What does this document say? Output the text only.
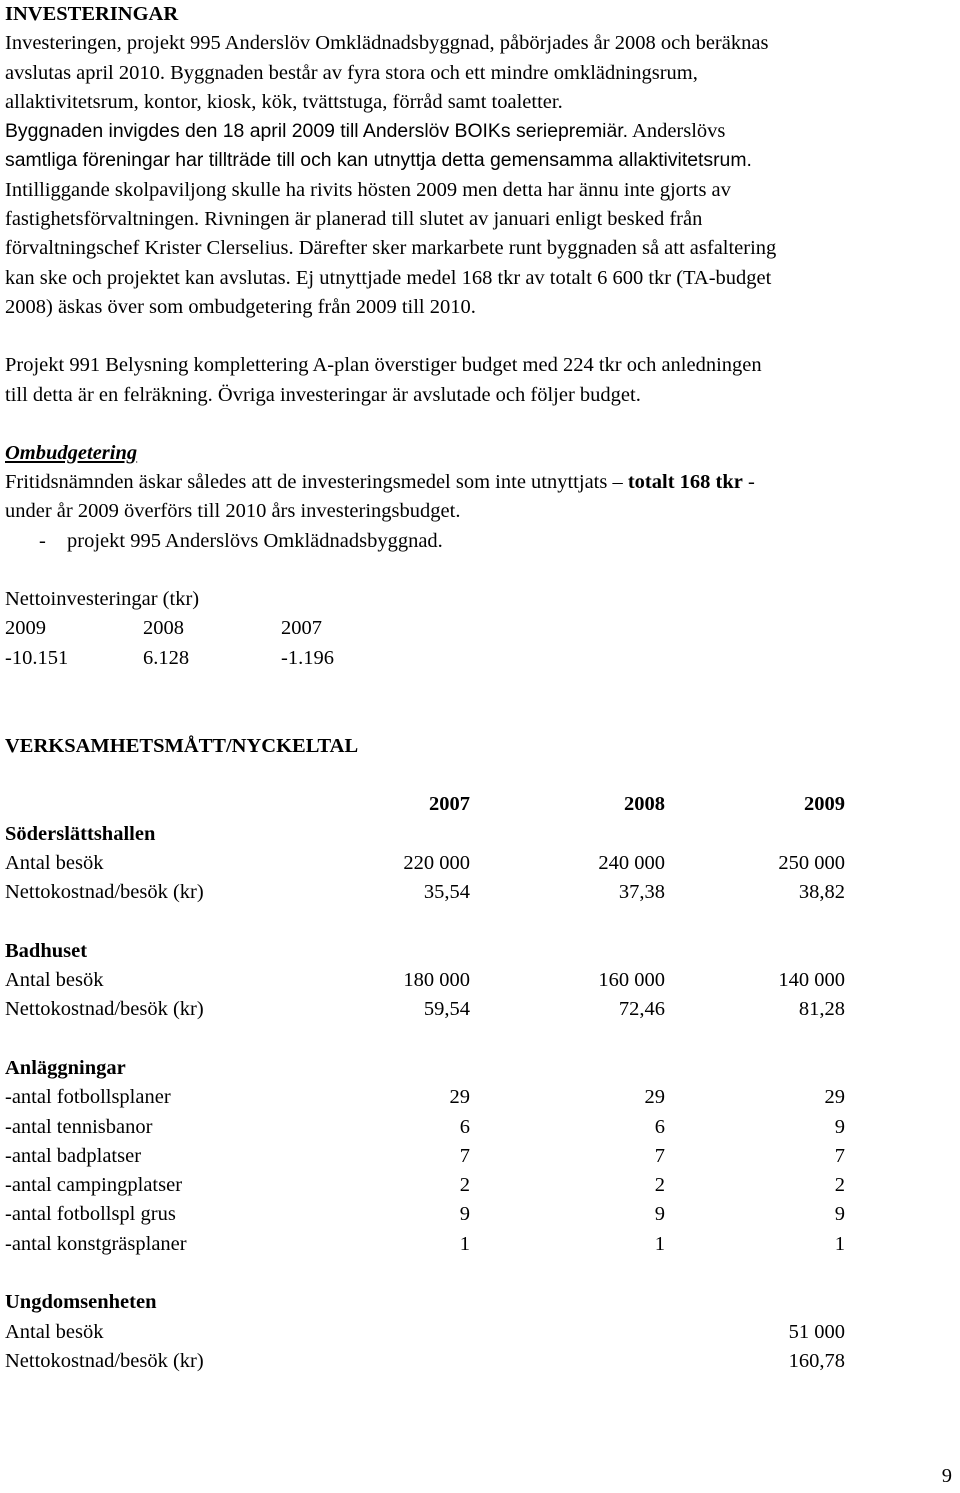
INVESTERINGAR

Investeringen, projekt 995 Anderslöv Omklädnadsbyggnad, påbörjades år 2008 och beräknas

avslutas april 2010. Byggnaden består av fyra stora och ett mindre omklädningsrum,

allaktivitetsrum, kontor, kiosk, kök, tvättstuga, förråd samt toaletter.

Byggnaden invigdes den 18 april 2009 till Anderslöv BOIKs seriepremiär. Anderslövs

samtliga föreningar har tillträde till och kan utnyttja detta gemensamma allaktivitetsrum.

Intilliggande skolpaviljong skulle ha rivits hösten 2009 men detta har ännu inte gjorts av

fastighetsförvaltningen. Rivningen är planerad till slutet av januari enligt besked från

förvaltningschef Krister Clerselius. Därefter sker markarbete runt byggnaden så att asfaltering

kan ske och projektet kan avslutas. Ej utnyttjade medel 168 tkr av totalt 6 600 tkr (TA-budget

2008) äskas över som ombudgetering från 2009 till 2010.

Projekt 991 Belysning komplettering A-plan överstiger budget med 224 tkr och anledningen

till detta är en felräkning. Övriga investeringar är avslutade och följer budget.

Ombudgetering

Fritidsnämnden äskar således att de investeringsmedel som inte utnyttjats – totalt 168 tkr -

under år 2009 överförs till 2010 års investeringsbudget.

- projekt 995 Anderslövs Omklädnadsbyggnad.

Nettoinvesteringar (tkr)

2009	2008	2007
-10.151	6.128	-1.196

VERKSAMHETSMÅTT/NYCKELTAL

	2007	2008	2009
Söderslättshallen			
Antal besök	220 000	240 000	250 000
Nettokostnad/besök (kr)	35,54	37,38	38,82

Badhuset			
Antal besök	180 000	160 000	140 000
Nettokostnad/besök (kr)	59,54	72,46	81,28

Anläggningar			
-antal fotbollsplaner	29	29	29
-antal tennisbanor	6	6	9
-antal badplatser	7	7	7
-antal campingplatser	2	2	2
-antal fotbollspl grus	9	9	9
-antal konstgräsplaner	1	1	1

Ungdomsenheten			
Antal besök			51 000
Nettokostnad/besök (kr)			160,78
9
